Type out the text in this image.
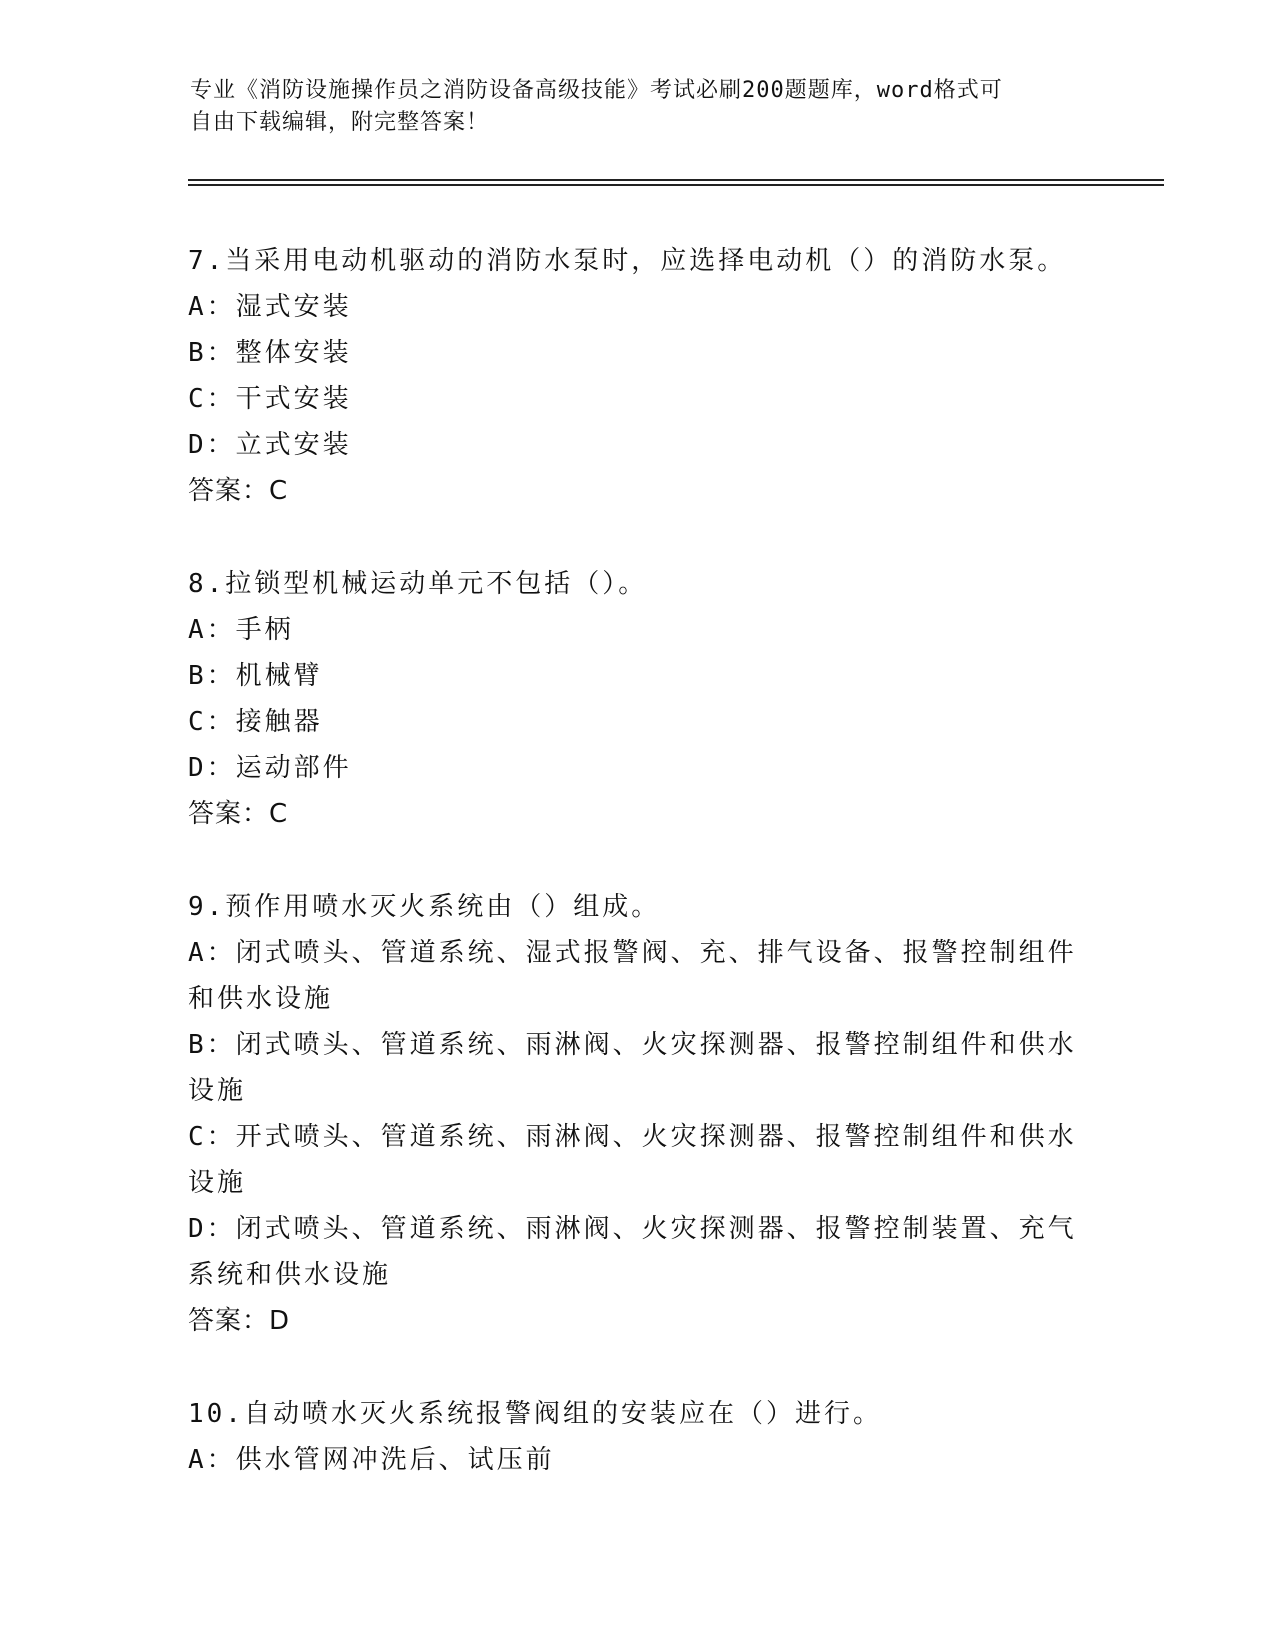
专业《消防设施操作员之消防设备高级技能》考试必刷200题题库，word格式可
自由下载编辑，附完整答案！
7.当采用电动机驱动的消防水泵时，应选择电动机（）的消防水泵。
A：湿式安装
B：整体安装
C：干式安装
D：立式安装
答案：C
8.拉锁型机械运动单元不包括（）。
A：手柄
B：机械臂
C：接触器
D：运动部件
答案：C
9.预作用喷水灭火系统由（）组成。
A：闭式喷头、管道系统、湿式报警阀、充、排气设备、报警控制组件
和供水设施
B：闭式喷头、管道系统、雨淋阀、火灾探测器、报警控制组件和供水
设施
C：开式喷头、管道系统、雨淋阀、火灾探测器、报警控制组件和供水
设施
D：闭式喷头、管道系统、雨淋阀、火灾探测器、报警控制装置、充气
系统和供水设施
答案：D
10.自动喷水灭火系统报警阀组的安装应在（）进行。
A：供水管网冲洗后、试压前
